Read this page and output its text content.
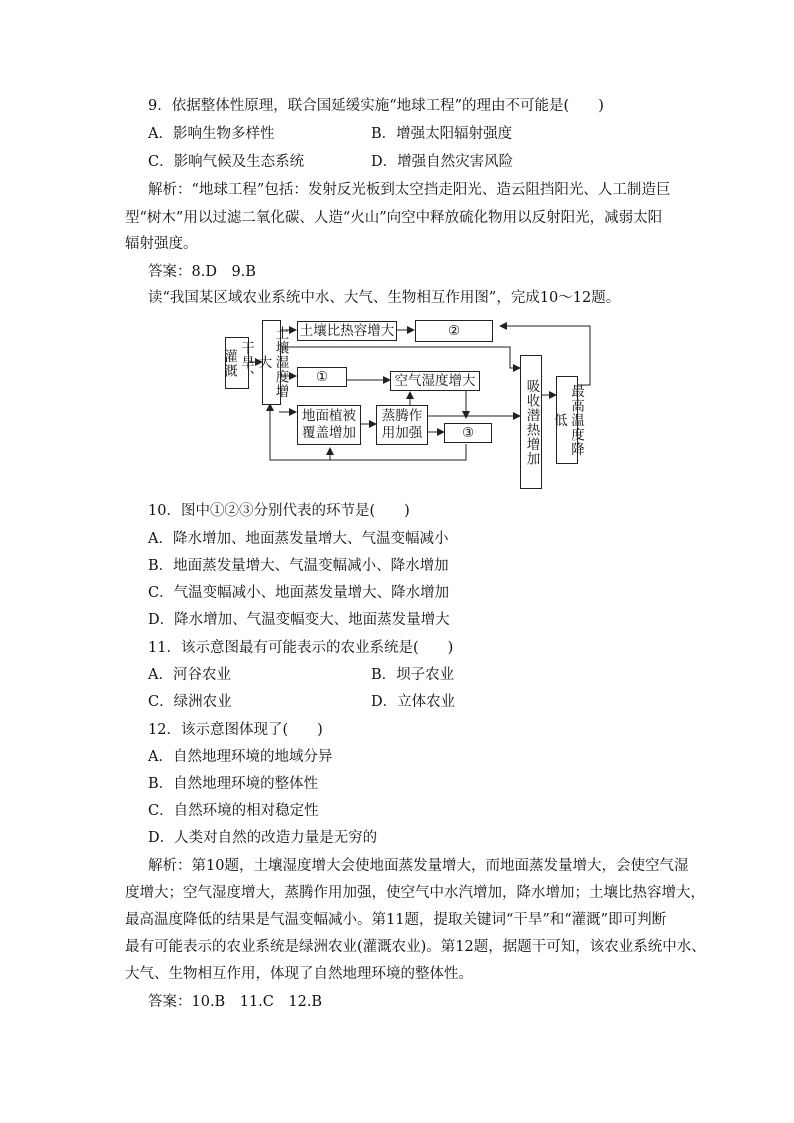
9．依据整体性原理，联合国延缓实施“地球工程”的理由不可能是(　　)
A．影响生物多样性	B．增强太阳辐射强度
C．影响气候及生态系统	D．增强自然灾害风险
解析：“地球工程”包括：发射反光板到太空挡走阳光、造云阻挡阳光、人工制造巨
型“树木”用以过滤二氧化碳、人造“火山”向空中释放硫化物用以反射阳光，减弱太阳
辐射强度。
答案：8.D　9.B
读“我国某区域农业系统中水、大气、生物相互作用图”，完成10～12题。
干旱、灌溉	土壤湿度增大
土壤比热容增大	②
①	空气湿度增大
地面植被
覆盖增加
蒸腾作
用加强	③	吸收潜热增加	最高温度降低
10．图中①②③分别代表的环节是(　　)
A．降水增加、地面蒸发量增大、气温变幅减小
B．地面蒸发量增大、气温变幅减小、降水增加
C．气温变幅减小、地面蒸发量增大、降水增加
D．降水增加、气温变幅变大、地面蒸发量增大
11．该示意图最有可能表示的农业系统是(　　)
A．河谷农业	B．坝子农业
C．绿洲农业	D．立体农业
12．该示意图体现了(　　)
A．自然地理环境的地域分异
B．自然地理环境的整体性
C．自然环境的相对稳定性
D．人类对自然的改造力量是无穷的
解析：第10题，土壤湿度增大会使地面蒸发量增大，而地面蒸发量增大，会使空气湿
度增大；空气湿度增大，蒸腾作用加强，使空气中水汽增加，降水增加；土壤比热容增大，
最高温度降低的结果是气温变幅减小。第11题，提取关键词“干旱”和“灌溉”即可判断
最有可能表示的农业系统是绿洲农业(灌溉农业)。第12题，据题干可知，该农业系统中水、
大气、生物相互作用，体现了自然地理环境的整体性。
答案：10.B　11.C　12.B
